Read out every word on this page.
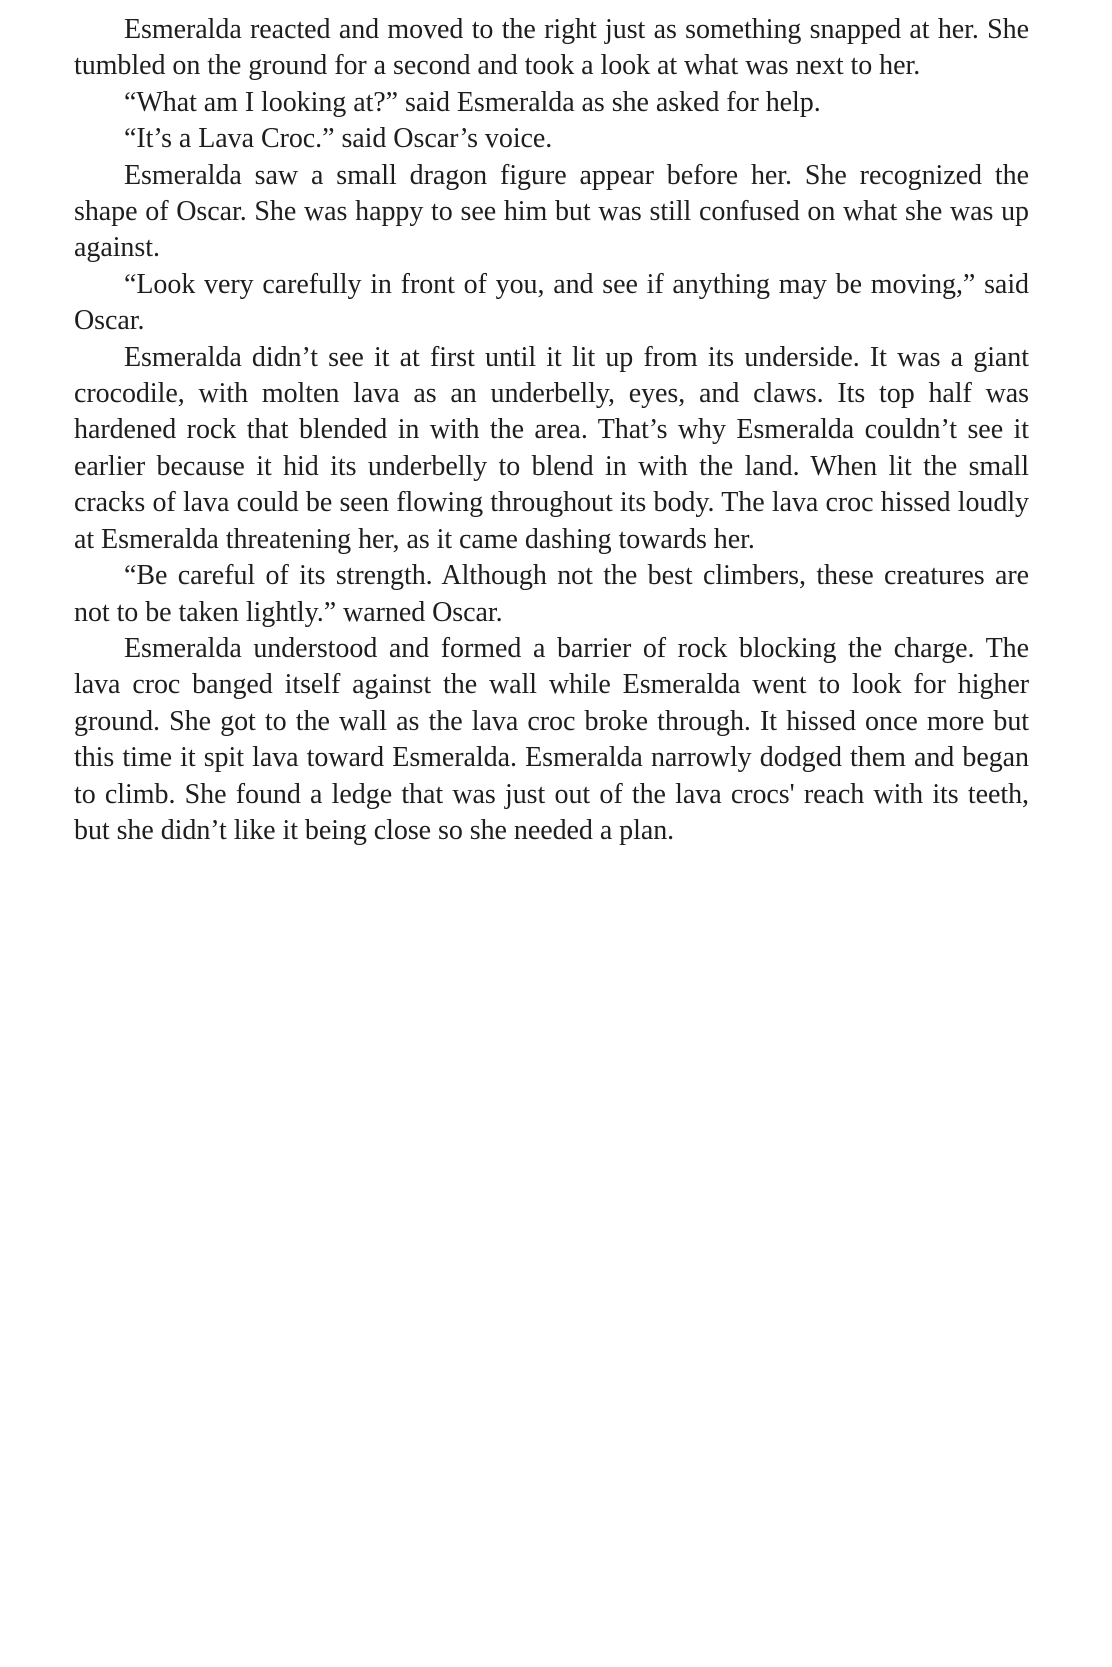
Esmeralda reacted and moved to the right just as something snapped at her. She tumbled on the ground for a second and took a look at what was next to her.

“What am I looking at?” said Esmeralda as she asked for help.

“It’s a Lava Croc.” said Oscar’s voice.

Esmeralda saw a small dragon figure appear before her. She recognized the shape of Oscar. She was happy to see him but was still confused on what she was up against.

“Look very carefully in front of you, and see if anything may be moving,” said Oscar.

Esmeralda didn’t see it at first until it lit up from its underside. It was a giant crocodile, with molten lava as an underbelly, eyes, and claws. Its top half was hardened rock that blended in with the area. That’s why Esmeralda couldn’t see it earlier because it hid its underbelly to blend in with the land. When lit the small cracks of lava could be seen flowing throughout its body. The lava croc hissed loudly at Esmeralda threatening her, as it came dashing towards her.

“Be careful of its strength. Although not the best climbers, these creatures are not to be taken lightly.” warned Oscar.

Esmeralda understood and formed a barrier of rock blocking the charge. The lava croc banged itself against the wall while Esmeralda went to look for higher ground. She got to the wall as the lava croc broke through. It hissed once more but this time it spit lava toward Esmeralda. Esmeralda narrowly dodged them and began to climb. She found a ledge that was just out of the lava crocs' reach with its teeth, but she didn’t like it being close so she needed a plan.
